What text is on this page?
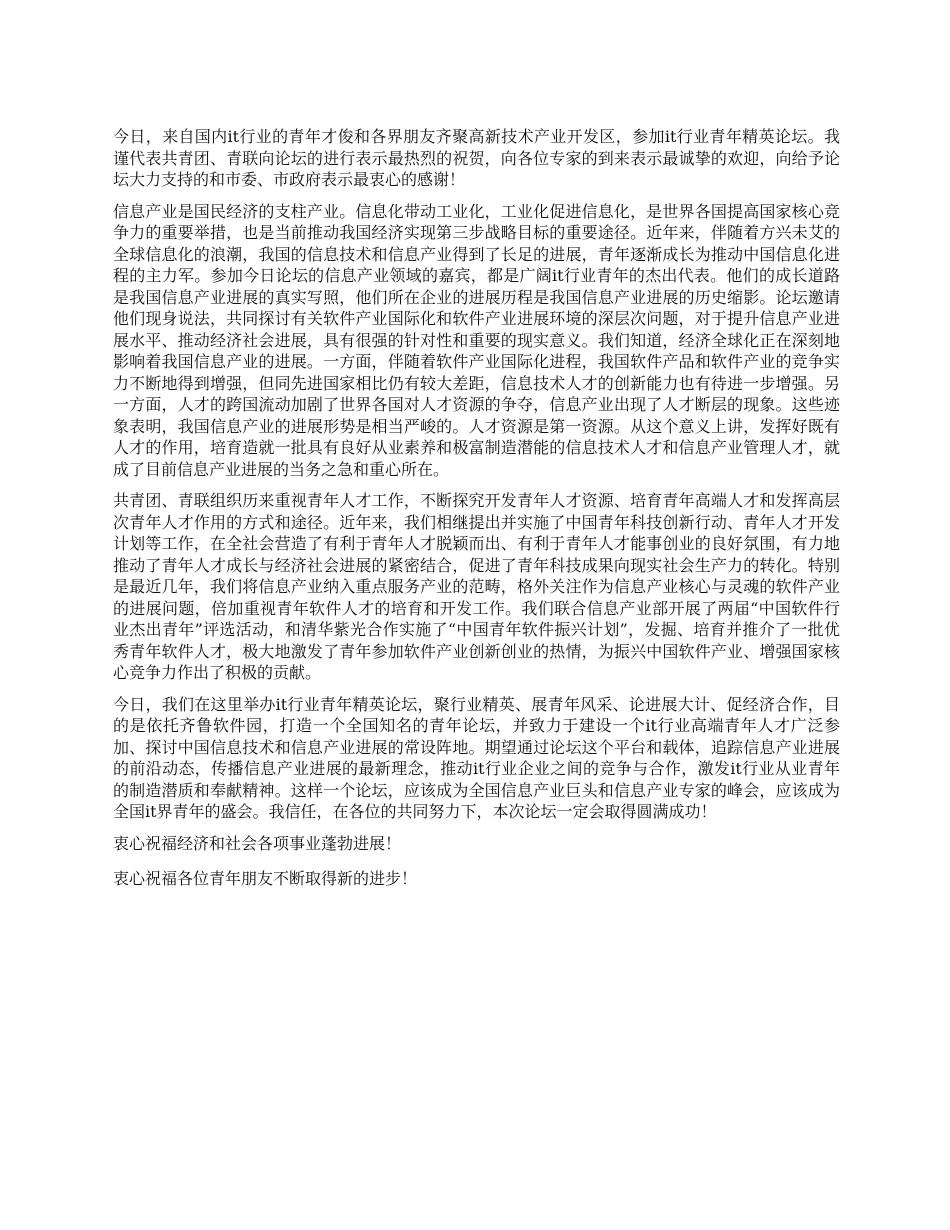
今日，来自国内it行业的青年才俊和各界朋友齐聚高新技术产业开发区，参加it行业青年精英论坛。我谨代表共青团、青联向论坛的进行表示最热烈的祝贺，向各位专家的到来表示最诚挚的欢迎，向给予论坛大力支持的和市委、市政府表示最衷心的感谢！

信息产业是国民经济的支柱产业。信息化带动工业化，工业化促进信息化，是世界各国提高国家核心竞争力的重要举措，也是当前推动我国经济实现第三步战略目标的重要途径。近年来，伴随着方兴未艾的全球信息化的浪潮，我国的信息技术和信息产业得到了长足的进展，青年逐渐成长为推动中国信息化进程的主力军。参加今日论坛的信息产业领域的嘉宾，都是广阔it行业青年的杰出代表。他们的成长道路是我国信息产业进展的真实写照，他们所在企业的进展历程是我国信息产业进展的历史缩影。论坛邀请他们现身说法，共同探讨有关软件产业国际化和软件产业进展环境的深层次问题，对于提升信息产业进展水平、推动经济社会进展，具有很强的针对性和重要的现实意义。我们知道，经济全球化正在深刻地影响着我国信息产业的进展。一方面，伴随着软件产业国际化进程，我国软件产品和软件产业的竞争实力不断地得到增强，但同先进国家相比仍有较大差距，信息技术人才的创新能力也有待进一步增强。另一方面，人才的跨国流动加剧了世界各国对人才资源的争夺，信息产业出现了人才断层的现象。这些迹象表明，我国信息产业的进展形势是相当严峻的。人才资源是第一资源。从这个意义上讲，发挥好既有人才的作用，培育造就一批具有良好从业素养和极富制造潜能的信息技术人才和信息产业管理人才，就成了目前信息产业进展的当务之急和重心所在。

共青团、青联组织历来重视青年人才工作，不断探究开发青年人才资源、培育青年高端人才和发挥高层次青年人才作用的方式和途径。近年来，我们相继提出并实施了中国青年科技创新行动、青年人才开发计划等工作，在全社会营造了有利于青年人才脱颖而出、有利于青年人才能事创业的良好氛围，有力地推动了青年人才成长与经济社会进展的紧密结合，促进了青年科技成果向现实社会生产力的转化。特别是最近几年，我们将信息产业纳入重点服务产业的范畴，格外关注作为信息产业核心与灵魂的软件产业的进展问题，倍加重视青年软件人才的培育和开发工作。我们联合信息产业部开展了两届“中国软件行业杰出青年”评选活动，和清华紫光合作实施了“中国青年软件振兴计划”，发掘、培育并推介了一批优秀青年软件人才，极大地激发了青年参加软件产业创新创业的热情，为振兴中国软件产业、增强国家核心竞争力作出了积极的贡献。

今日，我们在这里举办it行业青年精英论坛，聚行业精英、展青年风采、论进展大计、促经济合作，目的是依托齐鲁软件园，打造一个全国知名的青年论坛，并致力于建设一个it行业高端青年人才广泛参加、探讨中国信息技术和信息产业进展的常设阵地。期望通过论坛这个平台和载体，追踪信息产业进展的前沿动态，传播信息产业进展的最新理念，推动it行业企业之间的竞争与合作，激发it行业从业青年的制造潜质和奉献精神。这样一个论坛，应该成为全国信息产业巨头和信息产业专家的峰会，应该成为全国it界青年的盛会。我信任，在各位的共同努力下，本次论坛一定会取得圆满成功！

衷心祝福经济和社会各项事业蓬勃进展！

衷心祝福各位青年朋友不断取得新的进步！
